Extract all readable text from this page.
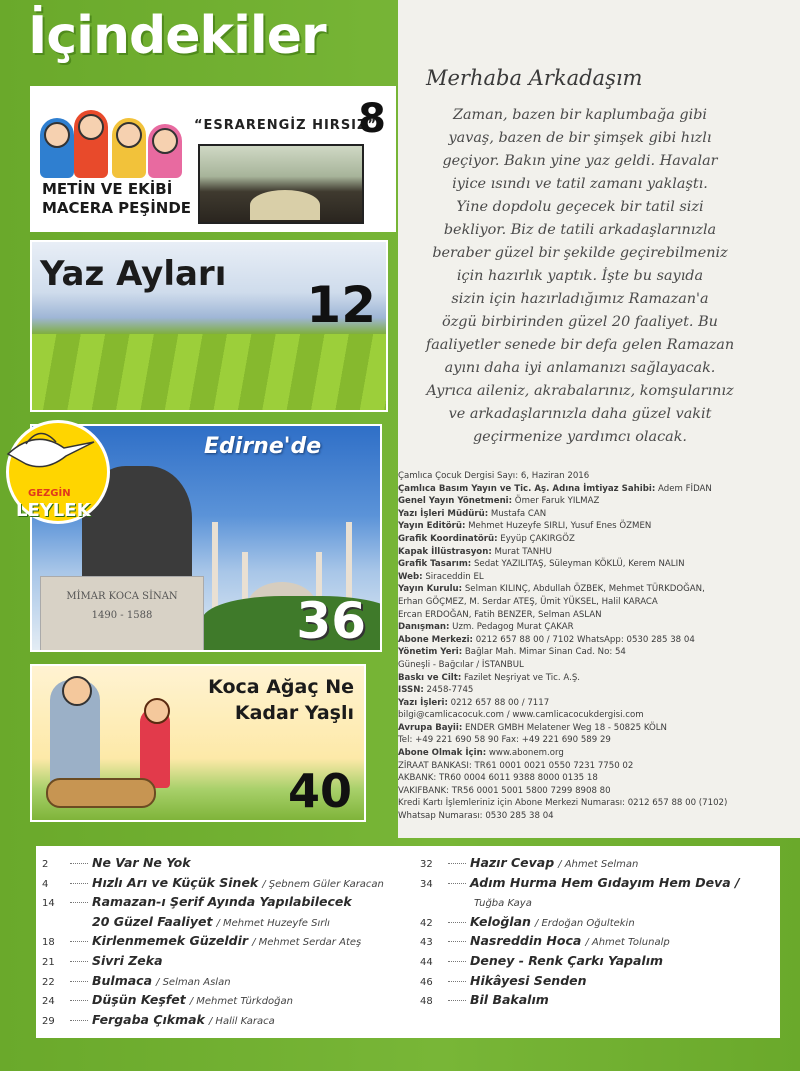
İçindekiler
METİN VE EKİBİ
MACERA PEŞİNDE
“ESRARENGİZ HIRSIZ”
8
Yaz Ayları
12
MİMAR KOCA SİNAN
1490 - 1588
Edirne'de
36
GEZGİN
LEYLEK
Koca Ağaç Ne
Kadar Yaşlı
40
Merhaba Arkadaşım
Zaman, bazen bir kaplumbağa gibi
yavaş, bazen de bir şimşek gibi hızlı
geçiyor. Bakın yine yaz geldi. Havalar
iyice ısındı ve tatil zamanı yaklaştı.
Yine dopdolu geçecek bir tatil sizi
bekliyor. Biz de tatili arkadaşlarınızla
beraber güzel bir şekilde geçirebilmeniz
için hazırlık yaptık. İşte bu sayıda
sizin için hazırladığımız Ramazan'a
özgü birbirinden güzel 20 faaliyet. Bu
faaliyetler senede bir defa gelen Ramazan
ayını daha iyi anlamanızı sağlayacak.
Ayrıca aileniz, akrabalarınız, komşularınız
ve arkadaşlarınızla daha güzel vakit
geçirmenize yardımcı olacak.
Çamlıca Çocuk Dergisi Sayı: 6, Haziran 2016
Çamlıca Basım Yayın ve Tic. Aş. Adına İmtiyaz Sahibi: Adem FİDAN
Genel Yayın Yönetmeni: Ömer Faruk YILMAZ
Yazı İşleri Müdürü: Mustafa CAN
Yayın Editörü: Mehmet Huzeyfe SIRLI, Yusuf Enes ÖZMEN
Grafik Koordinatörü: Eyyüp ÇAKIRGÖZ
Kapak İllüstrasyon: Murat TANHU
Grafik Tasarım: Sedat YAZILITAŞ, Süleyman KÖKLÜ, Kerem NALIN
Web: Siraceddin EL
Yayın Kurulu: Selman KILINÇ, Abdullah ÖZBEK, Mehmet TÜRKDOĞAN,
Erhan GÖÇMEZ, M. Serdar ATEŞ, Ümit YÜKSEL, Halil KARACA
Ercan ERDOĞAN, Fatih BENZER, Selman ASLAN
Danışman: Uzm. Pedagog Murat ÇAKAR
Abone Merkezi: 0212 657 88 00 / 7102 WhatsApp: 0530 285 38 04
Yönetim Yeri: Bağlar Mah. Mimar Sinan Cad. No: 54
Güneşli - Bağcılar / İSTANBUL
Baskı ve Cilt: Fazilet Neşriyat ve Tic. A.Ş.
ISSN: 2458-7745
Yazı İşleri: 0212 657 88 00 / 7117
bilgi@camlicacocuk.com / www.camlicacocukdergisi.com
Avrupa Bayii: ENDER GMBH Melatener Weg 18 - 50825 KÖLN
Tel: +49 221 690 58 90 Fax: +49 221 690 589 29
Abone Olmak İçin: www.abonem.org
ZİRAAT BANKASI: TR61 0001 0021 0550 7231 7750 02
AKBANK: TR60 0004 6011 9388 8000 0135 18
VAKIFBANK: TR56 0001 5001 5800 7299 8908 80
Kredi Kartı İşlemleriniz için Abone Merkezi Numarası: 0212 657 88 00 (7102)
Whatsap Numarası: 0530 285 38 04
2	Ne Var Ne Yok
4	Hızlı Arı ve Küçük Sinek / Şebnem Güler Karacan
14	Ramazan-ı Şerif Ayında Yapılabilecek
20 Güzel Faaliyet / Mehmet Huzeyfe Sırlı
18	Kirlenmemek Güzeldir / Mehmet Serdar Ateş
21	Sivri Zeka
22	Bulmaca / Selman Aslan
24	Düşün Keşfet / Mehmet Türkdoğan
29	Fergaba Çıkmak / Halil Karaca
32	Hazır Cevap / Ahmet Selman
34	Adım Hurma Hem Gıdayım Hem Deva /
Tuğba Kaya
42	Keloğlan / Erdoğan Oğultekin
43	Nasreddin Hoca / Ahmet Tolunalp
44	Deney - Renk Çarkı Yapalım
46	Hikâyesi Senden
48	Bil Bakalım
